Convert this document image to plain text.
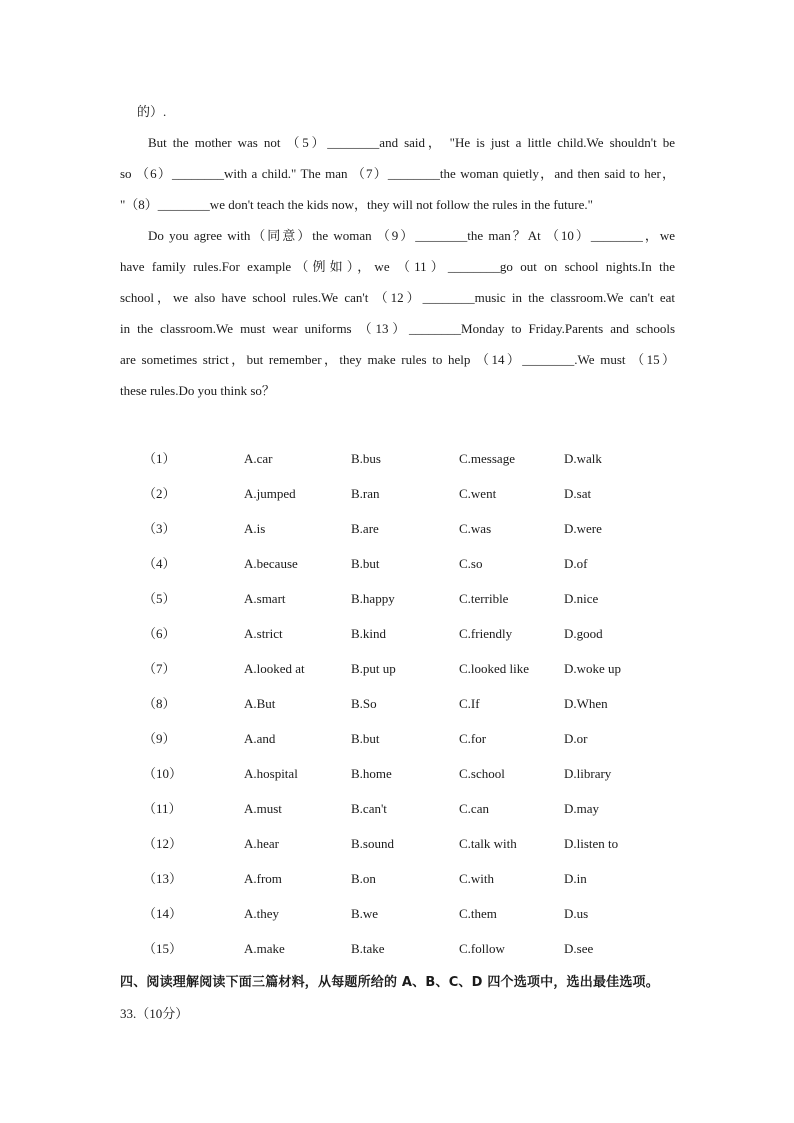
的）.
But the mother was not （5）________and said， "He is just a little child.We shouldn't be
so （6）________with a child." The man （7）________the woman quietly，and then said to her，
"（8）________we don't teach the kids now，they will not follow the rules in the future."
Do you agree with（同意）the woman （9）________the man？At （10）________，we
have family rules.For example（例如），we （11）________go out on school nights.In the
school，we also have school rules.We can't （12）________music in the classroom.We can't eat
in the classroom.We must wear uniforms （13）________Monday to Friday.Parents and schools
are sometimes strict，but remember，they make rules to help （14）________.We must （15）
these rules.Do you think so？
（1）	A.car	B.bus	C.message	D.walk
（2）	A.jumped	B.ran	C.went	D.sat
（3）	A.is	B.are	C.was	D.were
（4）	A.because	B.but	C.so	D.of
（5）	A.smart	B.happy	C.terrible	D.nice
（6）	A.strict	B.kind	C.friendly	D.good
（7）	A.looked at	B.put up	C.looked like	D.woke up
（8）	A.But	B.So	C.If	D.When
（9）	A.and	B.but	C.for	D.or
（10）	A.hospital	B.home	C.school	D.library
（11）	A.must	B.can't	C.can	D.may
（12）	A.hear	B.sound	C.talk with	D.listen to
（13）	A.from	B.on	C.with	D.in
（14）	A.they	B.we	C.them	D.us
（15）	A.make	B.take	C.follow	D.see
四、阅读理解阅读下面三篇材料，从每题所给的 A、B、C、D 四个选项中，选出最佳选项。
33.（10分）
